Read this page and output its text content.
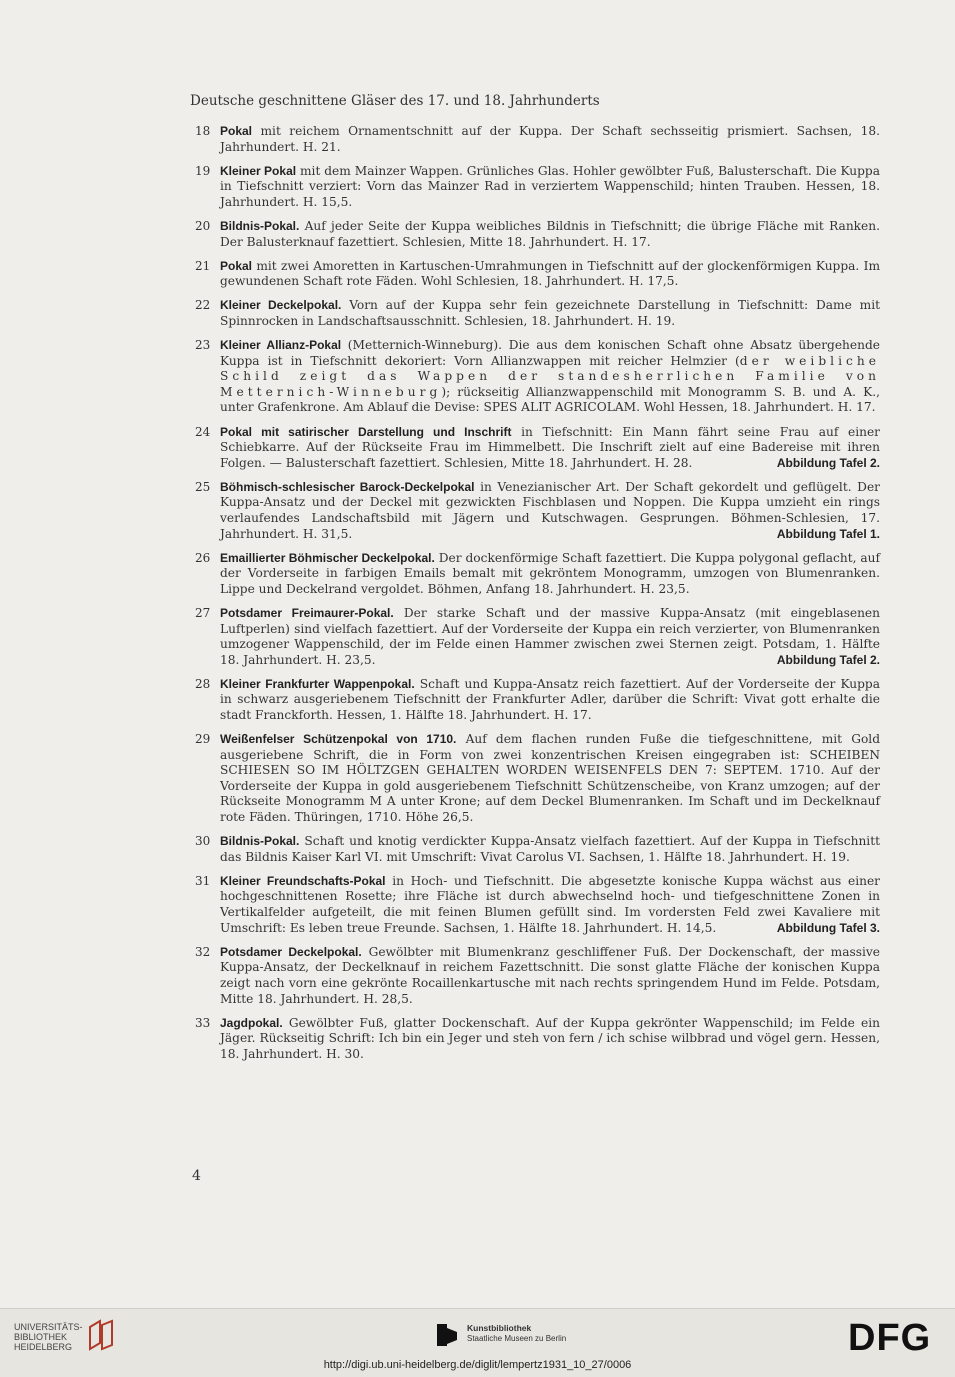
Deutsche geschnittene Gläser des 17. und 18. Jahrhunderts
18 Pokal mit reichem Ornamentschnitt auf der Kuppa. Der Schaft sechsseitig prismiert. Sachsen, 18. Jahrhundert. H. 21.
19 Kleiner Pokal mit dem Mainzer Wappen. Grünliches Glas. Hohler gewölbter Fuß, Balusterschaft. Die Kuppa in Tiefschnitt verziert: Vorn das Mainzer Rad in verziertem Wappenschild; hinten Trauben. Hessen, 18. Jahrhundert. H. 15,5.
20 Bildnis-Pokal. Auf jeder Seite der Kuppa weibliches Bildnis in Tiefschnitt; die übrige Fläche mit Ranken. Der Balusterknauf fazettiert. Schlesien, Mitte 18. Jahrhundert. H. 17.
21 Pokal mit zwei Amoretten in Kartuschen-Umrahmungen in Tiefschnitt auf der glockenförmigen Kuppa. Im gewundenen Schaft rote Fäden. Wohl Schlesien, 18. Jahrhundert. H. 17,5.
22 Kleiner Deckelpokal. Vorn auf der Kuppa sehr fein gezeichnete Darstellung in Tiefschnitt: Dame mit Spinnrocken in Landschaftsausschnitt. Schlesien, 18. Jahrhundert. H. 19.
23 Kleiner Allianz-Pokal (Metternich-Winneburg). Die aus dem konischen Schaft ohne Absatz übergehende Kuppa ist in Tiefschnitt dekoriert: Vorn Allianzwappen mit reicher Helmzier (der weibliche Schild zeigt das Wappen der standesherrlichen Familie von Metternich-Winneburg); rückseitig Allianzwappenschild mit Monogramm S. B. und A. K., unter Grafenkrone. Am Ablauf die Devise: SPES ALIT AGRICOLAM. Wohl Hessen, 18. Jahrhundert. H. 17.
24 Pokal mit satirischer Darstellung und Inschrift in Tiefschnitt: Ein Mann fährt seine Frau auf einer Schiebkarre. Auf der Rückseite Frau im Himmelbett. Die Inschrift zielt auf eine Badereise mit ihren Folgen. — Balusterschaft fazettiert. Schlesien, Mitte 18. Jahrhundert. H. 28.	Abbildung Tafel 2.
25 Böhmisch-schlesischer Barock-Deckelpokal in Venezianischer Art. Der Schaft gekordelt und geflügelt. Der Kuppa-Ansatz und der Deckel mit gezwickten Fischblasen und Noppen. Die Kuppa umzieht ein rings verlaufendes Landschaftsbild mit Jägern und Kutschwagen. Gesprungen. Böhmen-Schlesien, 17. Jahrhundert. H. 31,5.	Abbildung Tafel 1.
26 Emaillierter Böhmischer Deckelpokal. Der dockenförmige Schaft fazettiert. Die Kuppa polygonal geflacht, auf der Vorderseite in farbigen Emails bemalt mit gekröntem Monogramm, umzogen von Blumenranken. Lippe und Deckelrand vergoldet. Böhmen, Anfang 18. Jahrhundert. H. 23,5.
27 Potsdamer Freimaurer-Pokal. Der starke Schaft und der massive Kuppa-Ansatz (mit eingeblasenen Luftperlen) sind vielfach fazettiert. Auf der Vorderseite der Kuppa ein reich verzierter, von Blumenranken umzogener Wappenschild, der im Felde einen Hammer zwischen zwei Sternen zeigt. Potsdam, 1. Hälfte 18. Jahrhundert. H. 23,5.	Abbildung Tafel 2.
28 Kleiner Frankfurter Wappenpokal. Schaft und Kuppa-Ansatz reich fazettiert. Auf der Vorderseite der Kuppa in schwarz ausgeriebenem Tiefschnitt der Frankfurter Adler, darüber die Schrift: Vivat gott erhalte die stadt Franckforth. Hessen, 1. Hälfte 18. Jahrhundert. H. 17.
29 Weißenfelser Schützenpokal von 1710. Auf dem flachen runden Fuße die tiefgeschnittene, mit Gold ausgeriebene Schrift, die in Form von zwei konzentrischen Kreisen eingegraben ist: SCHEIBEN SCHIESEN SO IM HÖLTZGEN GEHALTEN WORDEN WEISENFELS DEN 7: SEPTEM. 1710. Auf der Vorderseite der Kuppa in gold ausgeriebenem Tiefschnitt Schützenscheibe, von Kranz umzogen; auf der Rückseite Monogramm M A unter Krone; auf dem Deckel Blumenranken. Im Schaft und im Deckelknauf rote Fäden. Thüringen, 1710. Höhe 26,5.
30 Bildnis-Pokal. Schaft und knotig verdickter Kuppa-Ansatz vielfach fazettiert. Auf der Kuppa in Tiefschnitt das Bildnis Kaiser Karl VI. mit Umschrift: Vivat Carolus VI. Sachsen, 1. Hälfte 18. Jahrhundert. H. 19.
31 Kleiner Freundschafts-Pokal in Hoch- und Tiefschnitt. Die abgesetzte konische Kuppa wächst aus einer hochgeschnittenen Rosette; ihre Fläche ist durch abwechselnd hoch- und tiefgeschnittene Zonen in Vertikalfelder aufgeteilt, die mit feinen Blumen gefüllt sind. Im vordersten Feld zwei Kavaliere mit Umschrift: Es leben treue Freunde. Sachsen, 1. Hälfte 18. Jahrhundert. H. 14,5.	Abbildung Tafel 3.
32 Potsdamer Deckelpokal. Gewölbter mit Blumenkranz geschliffener Fuß. Der Dockenschaft, der massive Kuppa-Ansatz, der Deckelknauf in reichem Fazettschnitt. Die sonst glatte Fläche der konischen Kuppa zeigt nach vorn eine gekrönte Rocaillenkartusche mit nach rechts springendem Hund im Felde. Potsdam, Mitte 18. Jahrhundert. H. 28,5.
33 Jagdpokal. Gewölbter Fuß, glatter Dockenschaft. Auf der Kuppa gekrönter Wappenschild; im Felde ein Jäger. Rückseitig Schrift: Ich bin ein Jeger und steh von fern / ich schise wilbbrad und vögel gern. Hessen, 18. Jahrhundert. H. 30.
4
UNIVERSITÄTS-
BIBLIOTHEK
HEIDELBERG
Kunstbibliothek
Staatliche Museen zu Berlin	DFG
http://digi.ub.uni-heidelberg.de/diglit/lempertz1931_10_27/0006
